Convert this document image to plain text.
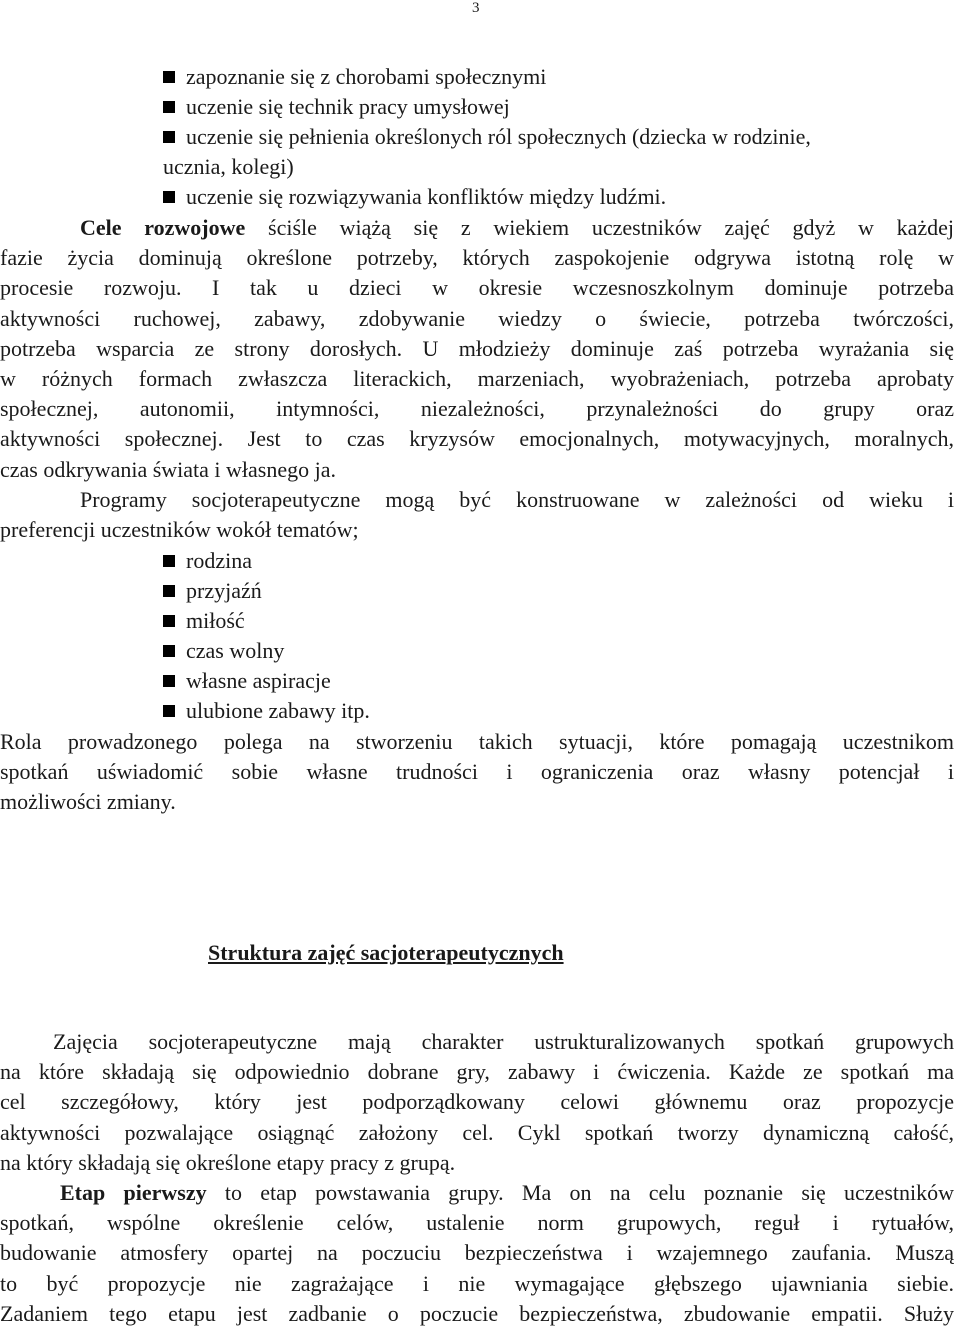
3
zapoznanie się z chorobami społecznymi
uczenie się technik pracy umysłowej
uczenie się pełnienia określonych ról społecznych (dziecka w rodzinie,
ucznia, kolegi)
uczenie się rozwiązywania konfliktów między ludźmi.
Cele rozwojowe ściśle wiążą się z wiekiem uczestników zajęć gdyż w każdej
fazie życia dominują określone potrzeby, których zaspokojenie odgrywa istotną rolę w
procesie rozwoju. I tak u dzieci w okresie wczesnoszkolnym dominuje potrzeba
aktywności ruchowej, zabawy, zdobywanie wiedzy o świecie, potrzeba twórczości,
potrzeba wsparcia ze strony dorosłych. U młodzieży dominuje zaś potrzeba wyrażania się
w różnych formach zwłaszcza literackich, marzeniach, wyobrażeniach, potrzeba aprobaty
społecznej, autonomii, intymności, niezależności, przynależności do grupy oraz
aktywności społecznej. Jest to czas kryzysów emocjonalnych, motywacyjnych, moralnych,
czas odkrywania świata i własnego ja.
Programy socjoterapeutyczne mogą być konstruowane w zależności od wieku i
preferencji uczestników wokół tematów;
rodzina
przyjaźń
miłość
czas wolny
własne aspiracje
ulubione zabawy itp.
Rola prowadzonego polega na stworzeniu takich sytuacji, które pomagają uczestnikom
spotkań uświadomić sobie własne trudności i ograniczenia oraz własny potencjał i
możliwości zmiany.
Struktura zajęć sacjoterapeutycznych
Zajęcia socjoterapeutyczne mają charakter ustrukturalizowanych spotkań grupowych
na które składają się odpowiednio dobrane gry, zabawy i ćwiczenia. Każde ze spotkań ma
cel szczegółowy, który jest podporządkowany celowi głównemu oraz propozycje
aktywności pozwalające osiągnąć założony cel. Cykl spotkań tworzy dynamiczną całość,
na który składają się określone etapy pracy z grupą.
Etap pierwszy to etap powstawania grupy. Ma on na celu poznanie się uczestników
spotkań, wspólne określenie celów, ustalenie norm grupowych, reguł i rytuałów,
budowanie atmosfery opartej na poczuciu bezpieczeństwa i wzajemnego zaufania. Muszą
to być propozycje nie zagrażające i nie wymagające głębszego ujawniania siebie.
Zadaniem tego etapu jest zadbanie o poczucie bezpieczeństwa, zbudowanie empatii. Służy
